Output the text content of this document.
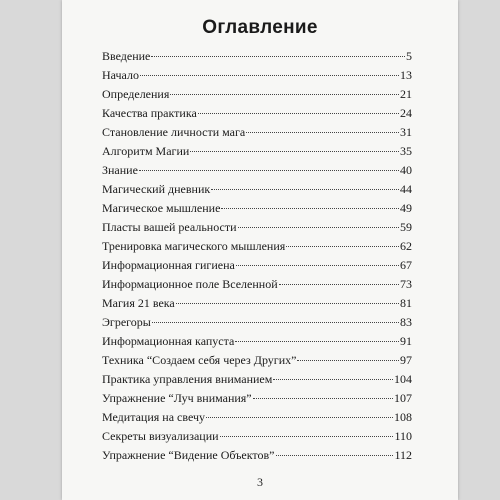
Оглавление
Введение	5
Начало	13
Определения	21
Качества практика	24
Становление личности мага	31
Алгоритм Магии	35
Знание	40
Магический дневник	44
Магическое мышление	49
Пласты вашей реальности	59
Тренировка магического мышления	62
Информационная гигиена	67
Информационное поле Вселенной	73
Магия 21 века	81
Эгрегоры	83
Информационная капуста	91
Техника “Создаем себя через Других”	97
Практика управления вниманием	104
Упражнение “Луч внимания”	107
Медитация на свечу	108
Секреты визуализации	110
Упражнение “Видение Объектов”	112
3
